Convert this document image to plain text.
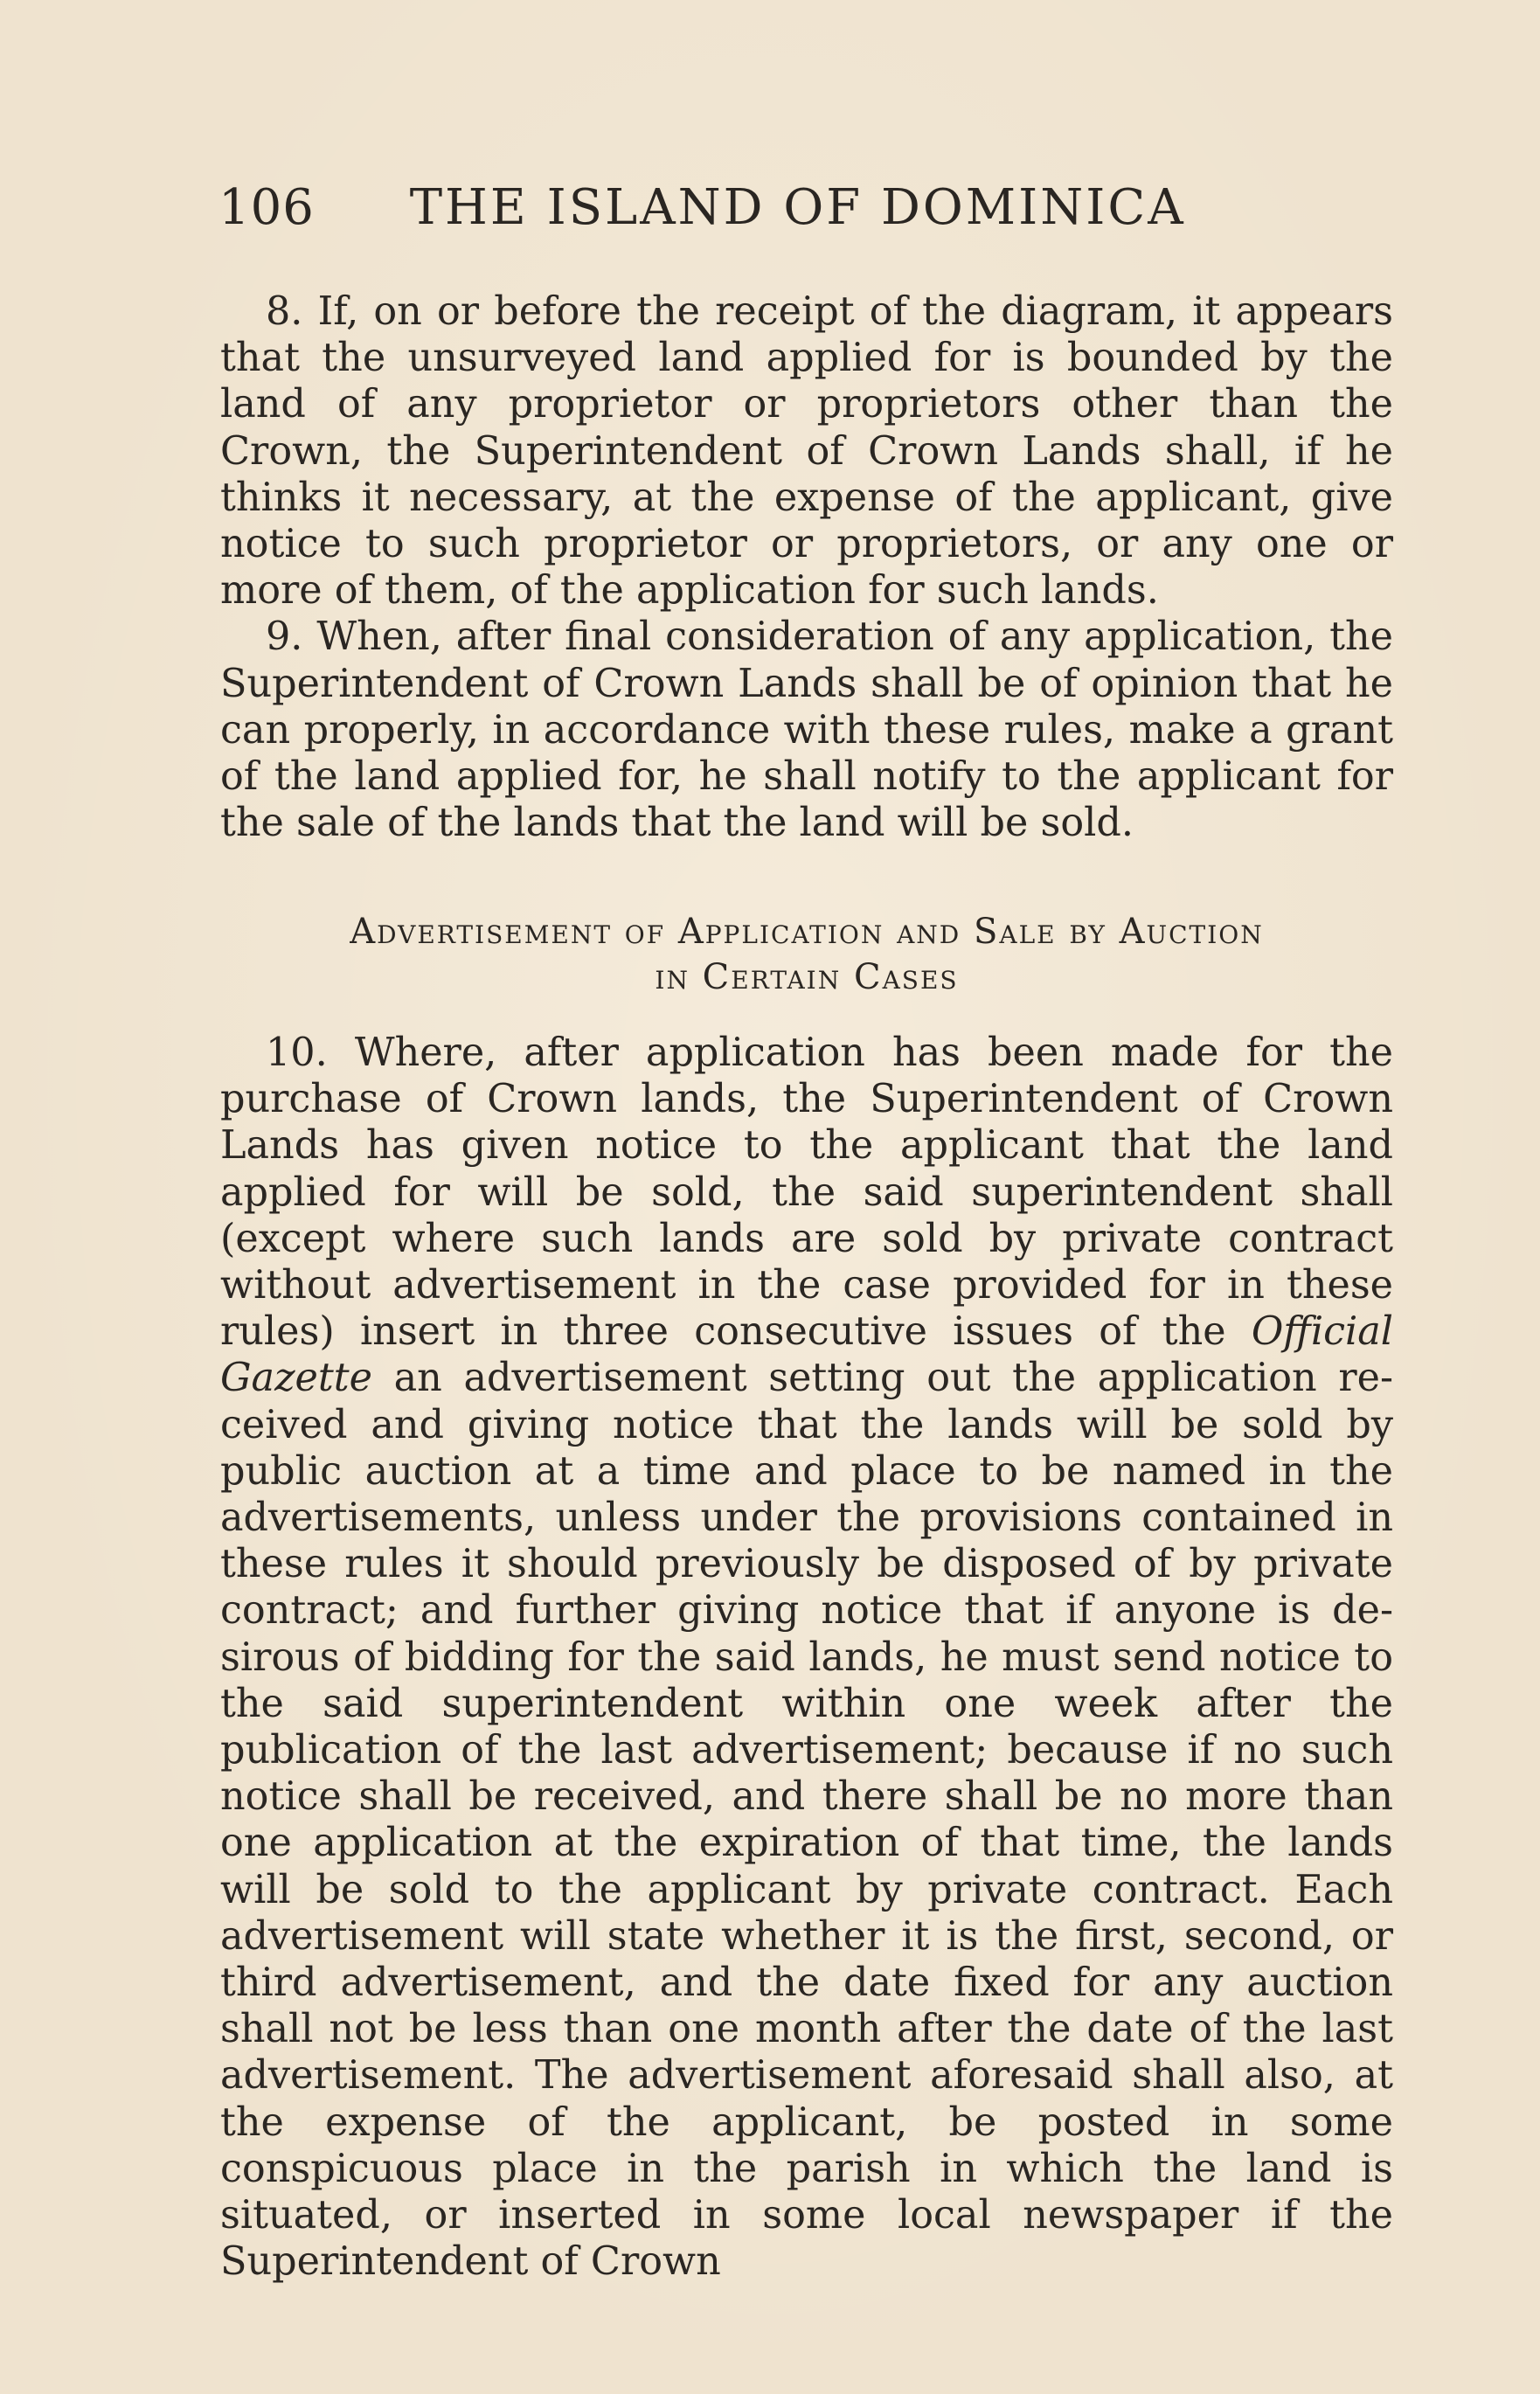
106 THE ISLAND OF DOMINICA

8. If, on or before the receipt of the diagram, it appears that the unsurveyed land applied for is bounded by the land of any proprietor or proprietors other than the Crown, the Superintendent of Crown Lands shall, if he thinks it necessary, at the expense of the applicant, give notice to such proprietor or proprietors, or any one or more of them, of the application for such lands.

9. When, after final consideration of any application, the Superintendent of Crown Lands shall be of opinion that he can properly, in accordance with these rules, make a grant of the land applied for, he shall notify to the applicant for the sale of the lands that the land will be sold.

Advertisement of Application and Sale by Auction
in Certain Cases

10. Where, after application has been made for the purchase of Crown lands, the Superintendent of Crown Lands has given notice to the applicant that the land applied for will be sold, the said superintendent shall (except where such lands are sold by private contract without advertisement in the case provided for in these rules) insert in three consecutive issues of the Official Gazette an advertisement setting out the application received and giving notice that the lands will be sold by public auction at a time and place to be named in the advertisements, unless under the provisions contained in these rules it should previously be disposed of by private contract; and further giving notice that if anyone is desirous of bidding for the said lands, he must send notice to the said superintendent within one week after the publication of the last advertisement; because if no such notice shall be received, and there shall be no more than one application at the expiration of that time, the lands will be sold to the applicant by private contract. Each advertisement will state whether it is the first, second, or third advertisement, and the date fixed for any auction shall not be less than one month after the date of the last advertisement. The advertisement aforesaid shall also, at the expense of the applicant, be posted in some conspicuous place in the parish in which the land is situated, or inserted in some local newspaper if the Superintendent of Crown
